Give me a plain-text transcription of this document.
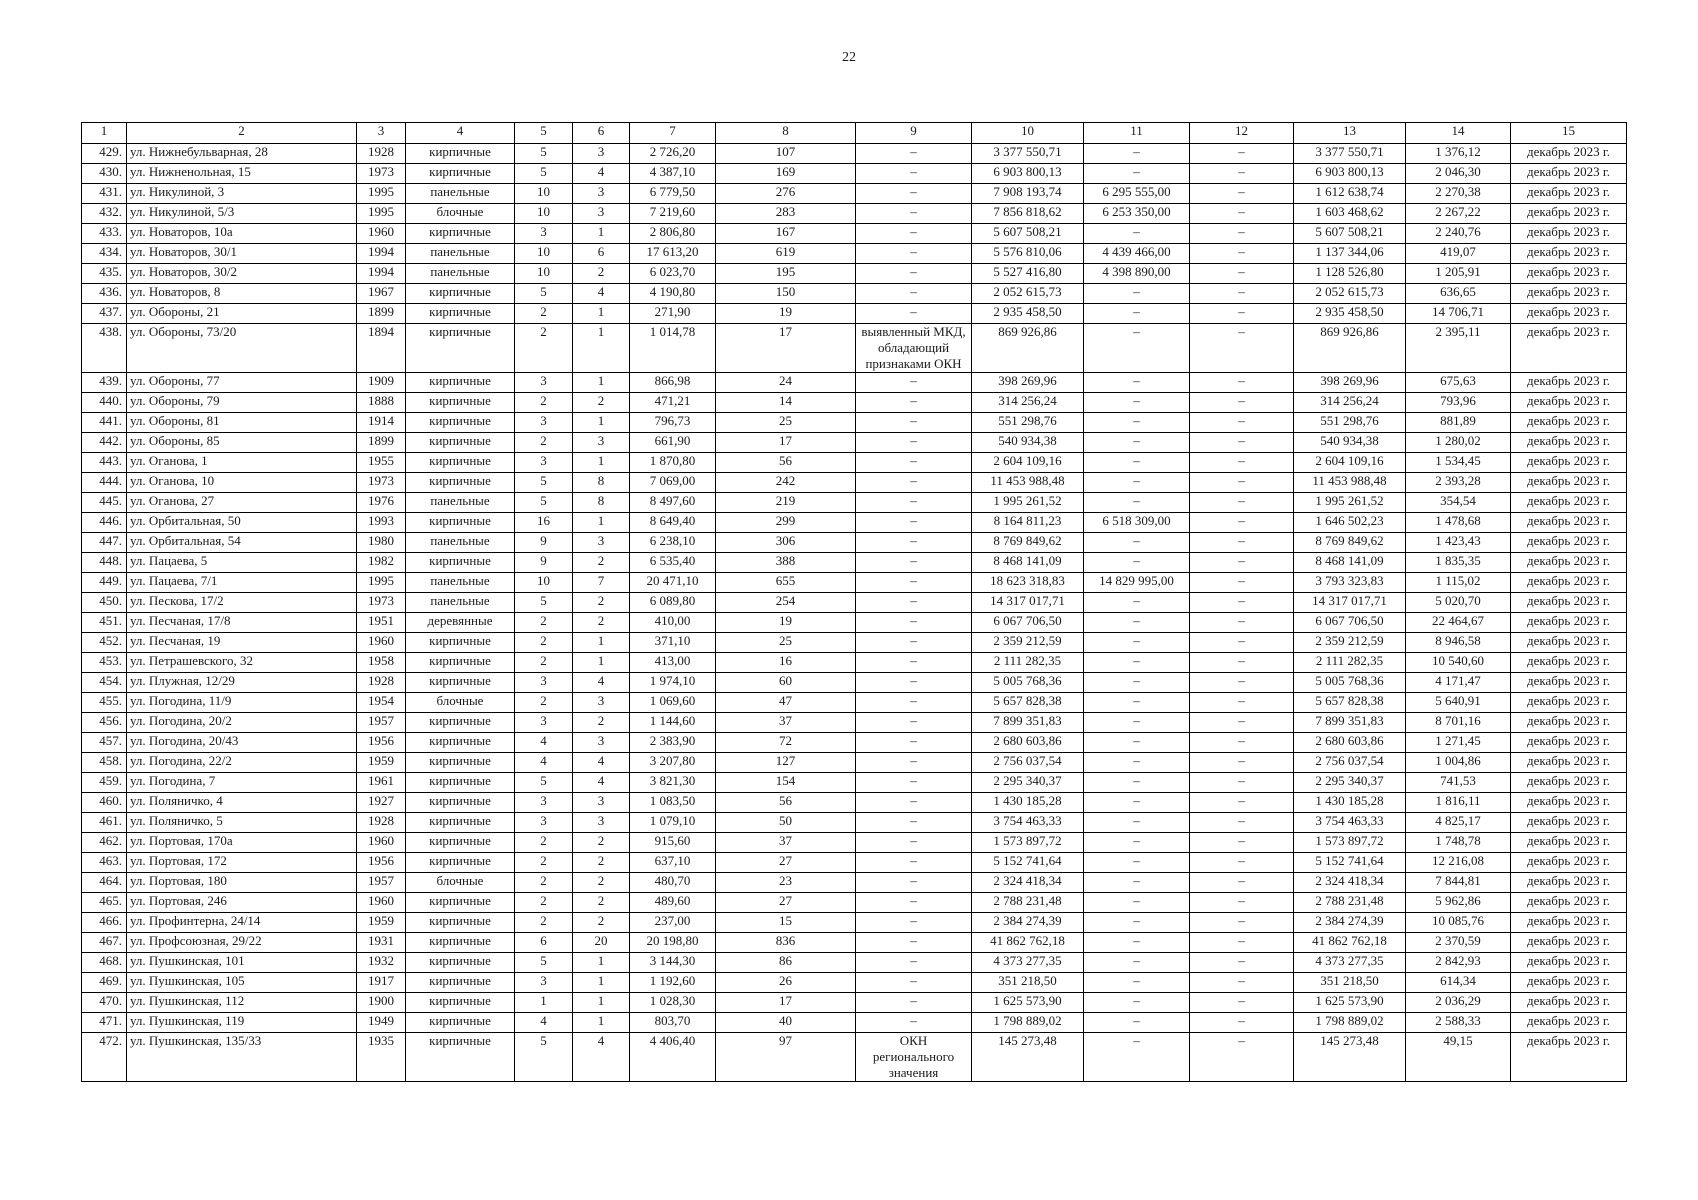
22
1	2	3	4	5	6	7	8	9	10	11	12	13	14	15
429.	ул. Нижнебульварная, 28	1928	кирпичные	5	3	2 726,20	107	–	3 377 550,71	–	–	3 377 550,71	1 376,12	декабрь 2023 г.
430.	ул. Нижненольная, 15	1973	кирпичные	5	4	4 387,10	169	–	6 903 800,13	–	–	6 903 800,13	2 046,30	декабрь 2023 г.
431.	ул. Никулиной, 3	1995	панельные	10	3	6 779,50	276	–	7 908 193,74	6 295 555,00	–	1 612 638,74	2 270,38	декабрь 2023 г.
432.	ул. Никулиной, 5/3	1995	блочные	10	3	7 219,60	283	–	7 856 818,62	6 253 350,00	–	1 603 468,62	2 267,22	декабрь 2023 г.
433.	ул. Новаторов, 10а	1960	кирпичные	3	1	2 806,80	167	–	5 607 508,21	–	–	5 607 508,21	2 240,76	декабрь 2023 г.
434.	ул. Новаторов, 30/1	1994	панельные	10	6	17 613,20	619	–	5 576 810,06	4 439 466,00	–	1 137 344,06	419,07	декабрь 2023 г.
435.	ул. Новаторов, 30/2	1994	панельные	10	2	6 023,70	195	–	5 527 416,80	4 398 890,00	–	1 128 526,80	1 205,91	декабрь 2023 г.
436.	ул. Новаторов, 8	1967	кирпичные	5	4	4 190,80	150	–	2 052 615,73	–	–	2 052 615,73	636,65	декабрь 2023 г.
437.	ул. Обороны, 21	1899	кирпичные	2	1	271,90	19	–	2 935 458,50	–	–	2 935 458,50	14 706,71	декабрь 2023 г.
438.	ул. Обороны, 73/20	1894	кирпичные	2	1	1 014,78	17	выявленный МКД, обладающий признаками ОКН	869 926,86	–	–	869 926,86	2 395,11	декабрь 2023 г.
439.	ул. Обороны, 77	1909	кирпичные	3	1	866,98	24	–	398 269,96	–	–	398 269,96	675,63	декабрь 2023 г.
440.	ул. Обороны, 79	1888	кирпичные	2	2	471,21	14	–	314 256,24	–	–	314 256,24	793,96	декабрь 2023 г.
441.	ул. Обороны, 81	1914	кирпичные	3	1	796,73	25	–	551 298,76	–	–	551 298,76	881,89	декабрь 2023 г.
442.	ул. Обороны, 85	1899	кирпичные	2	3	661,90	17	–	540 934,38	–	–	540 934,38	1 280,02	декабрь 2023 г.
443.	ул. Оганова, 1	1955	кирпичные	3	1	1 870,80	56	–	2 604 109,16	–	–	2 604 109,16	1 534,45	декабрь 2023 г.
444.	ул. Оганова, 10	1973	кирпичные	5	8	7 069,00	242	–	11 453 988,48	–	–	11 453 988,48	2 393,28	декабрь 2023 г.
445.	ул. Оганова, 27	1976	панельные	5	8	8 497,60	219	–	1 995 261,52	–	–	1 995 261,52	354,54	декабрь 2023 г.
446.	ул. Орбитальная, 50	1993	кирпичные	16	1	8 649,40	299	–	8 164 811,23	6 518 309,00	–	1 646 502,23	1 478,68	декабрь 2023 г.
447.	ул. Орбитальная, 54	1980	панельные	9	3	6 238,10	306	–	8 769 849,62	–	–	8 769 849,62	1 423,43	декабрь 2023 г.
448.	ул. Пацаева, 5	1982	кирпичные	9	2	6 535,40	388	–	8 468 141,09	–	–	8 468 141,09	1 835,35	декабрь 2023 г.
449.	ул. Пацаева, 7/1	1995	панельные	10	7	20 471,10	655	–	18 623 318,83	14 829 995,00	–	3 793 323,83	1 115,02	декабрь 2023 г.
450.	ул. Пескова, 17/2	1973	панельные	5	2	6 089,80	254	–	14 317 017,71	–	–	14 317 017,71	5 020,70	декабрь 2023 г.
451.	ул. Песчаная, 17/8	1951	деревянные	2	2	410,00	19	–	6 067 706,50	–	–	6 067 706,50	22 464,67	декабрь 2023 г.
452.	ул. Песчаная, 19	1960	кирпичные	2	1	371,10	25	–	2 359 212,59	–	–	2 359 212,59	8 946,58	декабрь 2023 г.
453.	ул. Петрашевского, 32	1958	кирпичные	2	1	413,00	16	–	2 111 282,35	–	–	2 111 282,35	10 540,60	декабрь 2023 г.
454.	ул. Плужная, 12/29	1928	кирпичные	3	4	1 974,10	60	–	5 005 768,36	–	–	5 005 768,36	4 171,47	декабрь 2023 г.
455.	ул. Погодина, 11/9	1954	блочные	2	3	1 069,60	47	–	5 657 828,38	–	–	5 657 828,38	5 640,91	декабрь 2023 г.
456.	ул. Погодина, 20/2	1957	кирпичные	3	2	1 144,60	37	–	7 899 351,83	–	–	7 899 351,83	8 701,16	декабрь 2023 г.
457.	ул. Погодина, 20/43	1956	кирпичные	4	3	2 383,90	72	–	2 680 603,86	–	–	2 680 603,86	1 271,45	декабрь 2023 г.
458.	ул. Погодина, 22/2	1959	кирпичные	4	4	3 207,80	127	–	2 756 037,54	–	–	2 756 037,54	1 004,86	декабрь 2023 г.
459.	ул. Погодина, 7	1961	кирпичные	5	4	3 821,30	154	–	2 295 340,37	–	–	2 295 340,37	741,53	декабрь 2023 г.
460.	ул. Поляничко, 4	1927	кирпичные	3	3	1 083,50	56	–	1 430 185,28	–	–	1 430 185,28	1 816,11	декабрь 2023 г.
461.	ул. Поляничко, 5	1928	кирпичные	3	3	1 079,10	50	–	3 754 463,33	–	–	3 754 463,33	4 825,17	декабрь 2023 г.
462.	ул. Портовая, 170а	1960	кирпичные	2	2	915,60	37	–	1 573 897,72	–	–	1 573 897,72	1 748,78	декабрь 2023 г.
463.	ул. Портовая, 172	1956	кирпичные	2	2	637,10	27	–	5 152 741,64	–	–	5 152 741,64	12 216,08	декабрь 2023 г.
464.	ул. Портовая, 180	1957	блочные	2	2	480,70	23	–	2 324 418,34	–	–	2 324 418,34	7 844,81	декабрь 2023 г.
465.	ул. Портовая, 246	1960	кирпичные	2	2	489,60	27	–	2 788 231,48	–	–	2 788 231,48	5 962,86	декабрь 2023 г.
466.	ул. Профинтерна, 24/14	1959	кирпичные	2	2	237,00	15	–	2 384 274,39	–	–	2 384 274,39	10 085,76	декабрь 2023 г.
467.	ул. Профсоюзная, 29/22	1931	кирпичные	6	20	20 198,80	836	–	41 862 762,18	–	–	41 862 762,18	2 370,59	декабрь 2023 г.
468.	ул. Пушкинская, 101	1932	кирпичные	5	1	3 144,30	86	–	4 373 277,35	–	–	4 373 277,35	2 842,93	декабрь 2023 г.
469.	ул. Пушкинская, 105	1917	кирпичные	3	1	1 192,60	26	–	351 218,50	–	–	351 218,50	614,34	декабрь 2023 г.
470.	ул. Пушкинская, 112	1900	кирпичные	1	1	1 028,30	17	–	1 625 573,90	–	–	1 625 573,90	2 036,29	декабрь 2023 г.
471.	ул. Пушкинская, 119	1949	кирпичные	4	1	803,70	40	–	1 798 889,02	–	–	1 798 889,02	2 588,33	декабрь 2023 г.
472.	ул. Пушкинская, 135/33	1935	кирпичные	5	4	4 406,40	97	ОКН регионального значения	145 273,48	–	–	145 273,48	49,15	декабрь 2023 г.
